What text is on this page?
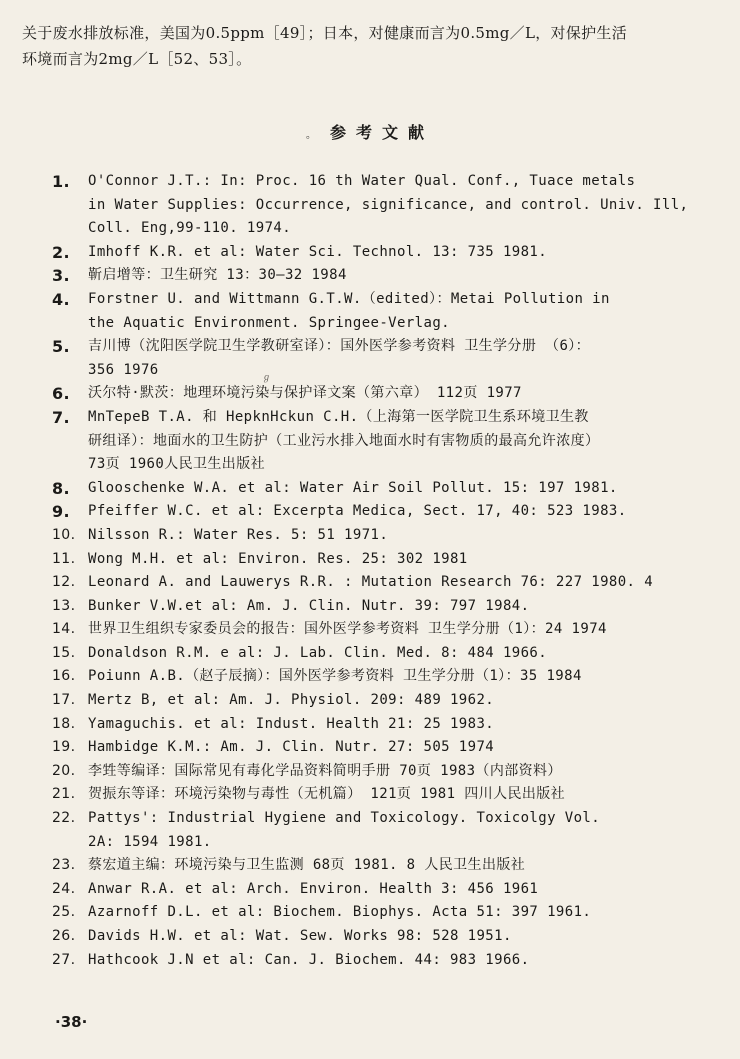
关于废水排放标准，美国为0.5ppm［49］；日本，对健康而言为0.5mg／L，对保护生活
环境而言为2mg／L［52、53］。
。 参考文献
ℊ
1. O'Connor J.T.: In: Proc. 16 th Water Qual. Conf., Tuace metals
in Water Supplies: Occurrence, significance, and control. Univ. Ill,
Coll. Eng,99-110. 1974.
2. Imhoff K.R. et al: Water Sci. Technol. 13: 735 1981.
3. 靳启增等：卫生研究 13：30—32 1984
4. Forstner U. and Wittmann G.T.W.（edited）：Metai Pollution in
the Aquatic Environment. Springee-Verlag.
5. 吉川博（沈阳医学院卫生学教研室译）：国外医学参考资料 卫生学分册 （6）：
356 1976
6. 沃尔特·默茨：地理环境污染与保护译文案（第六章） 112页 1977
7. MnTepeB T.A. 和 HepknHckun C.H.（上海第一医学院卫生系环境卫生教
研组译）：地面水的卫生防护（工业污水排入地面水时有害物质的最高允许浓度）
73页 1960人民卫生出版社
8. Glooschenke W.A. et al: Water Air Soil Pollut. 15: 197 1981.
9. Pfeiffer W.C. et al: Excerpta Medica, Sect. 17, 40: 523 1983.
10. Nilsson R.: Water Res. 5: 51 1971.
11. Wong M.H. et al: Environ. Res. 25: 302 1981
12. Leonard A. and Lauwerys R.R. : Mutation Research 76: 227 1980. 4
13. Bunker V.W.et al: Am. J. Clin. Nutr. 39: 797 1984.
14. 世界卫生组织专家委员会的报告：国外医学参考资料 卫生学分册（1）：24 1974
15. Donaldson R.M. e al: J. Lab. Clin. Med. 8: 484 1966.
16. Poiunn A.B.（赵子辰摘）：国外医学参考资料 卫生学分册（1）：35 1984
17. Mertz B, et al: Am. J. Physiol. 209: 489 1962.
18. Yamaguchis. et al: Indust. Health 21: 25 1983.
19. Hambidge K.M.: Am. J. Clin. Nutr. 27: 505 1974
20. 李甡等编译：国际常见有毒化学品资料简明手册 70页 1983（内部资料）
21. 贺振东等译：环境污染物与毒性（无机篇） 121页 1981 四川人民出版社
22. Pattys': Industrial Hygiene and Toxicology. Toxicolgy Vol.
2A: 1594 1981.
23. 蔡宏道主编：环境污染与卫生监测 68页 1981. 8 人民卫生出版社
24. Anwar R.A. et al: Arch. Environ. Health 3: 456 1961
25. Azarnoff D.L. et al: Biochem. Biophys. Acta 51: 397 1961.
26. Davids H.W. et al: Wat. Sew. Works 98: 528 1951.
27. Hathcook J.N et al: Can. J. Biochem. 44: 983 1966.
·38·
